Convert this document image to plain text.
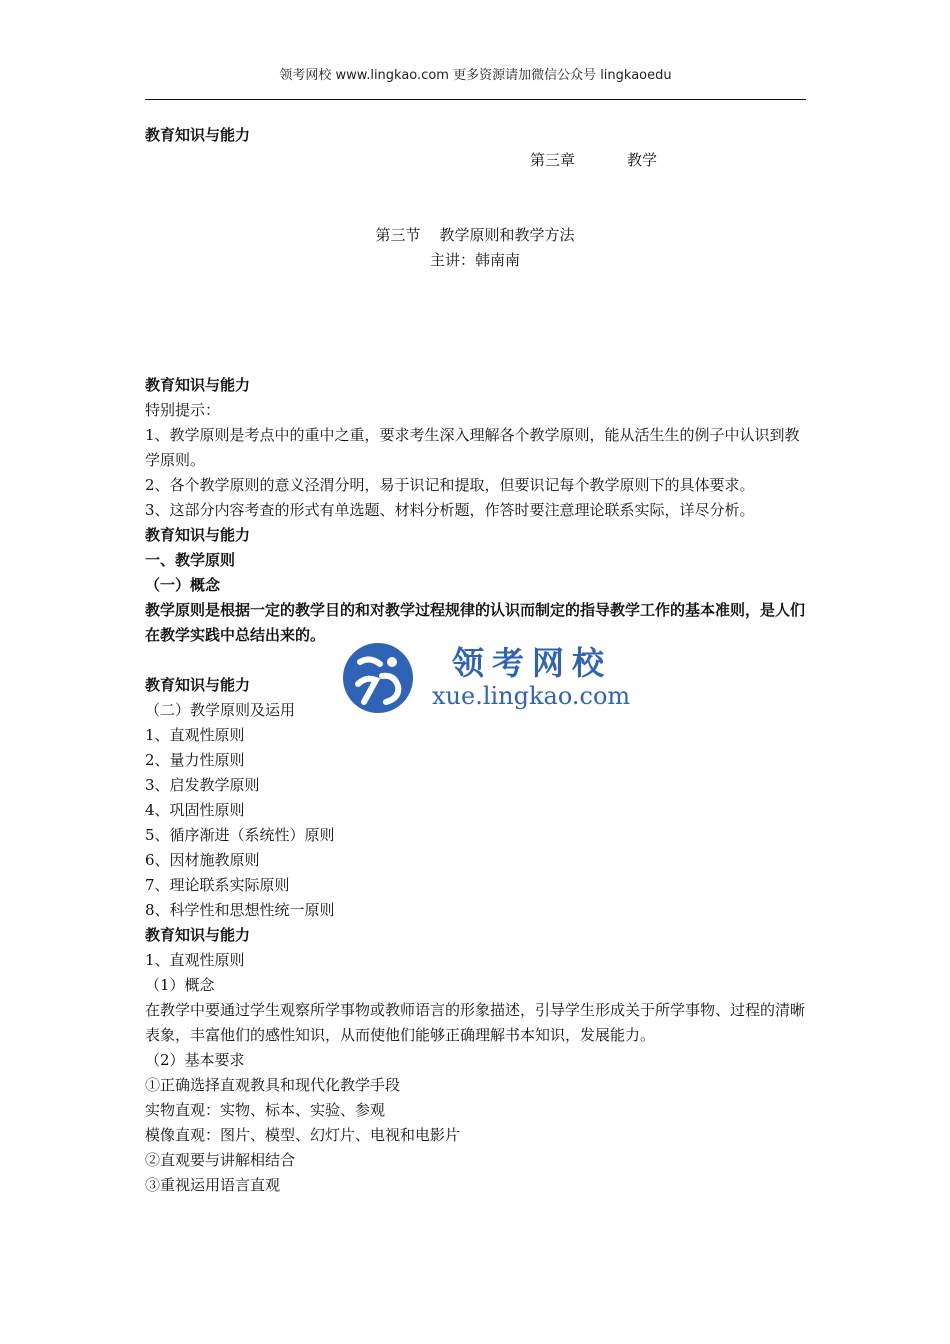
领考网校 www.lingkao.com 更多资源请加微信公众号 lingkaoedu

教育知识与能力

第三章	教学

第三节    教学原则和教学方法

主讲：韩南南

教育知识与能力

特别提示：

1、教学原则是考点中的重中之重，要求考生深入理解各个教学原则，能从活生生的例子中认识到教学原则。

2、各个教学原则的意义泾渭分明，易于识记和提取，但要识记每个教学原则下的具体要求。

3、这部分内容考查的形式有单选题、材料分析题，作答时要注意理论联系实际，详尽分析。

教育知识与能力

一、教学原则

（一）概念

教学原则是根据一定的教学目的和对教学过程规律的认识而制定的指导教学工作的基本准则，是人们在教学实践中总结出来的。

教育知识与能力

（二）教学原则及运用

1、直观性原则

2、量力性原则

3、启发教学原则

4、巩固性原则

5、循序渐进（系统性）原则

6、因材施教原则

7、理论联系实际原则

8、科学性和思想性统一原则

教育知识与能力

1、直观性原则

（1）概念

在教学中要通过学生观察所学事物或教师语言的形象描述，引导学生形成关于所学事物、过程的清晰表象，丰富他们的感性知识，从而使他们能够正确理解书本知识，发展能力。

（2）基本要求

①正确选择直观教具和现代化教学手段

实物直观：实物、标本、实验、参观

模像直观：图片、模型、幻灯片、电视和电影片

②直观要与讲解相结合

③重视运用语言直观

领考网校
xue.lingkao.com
